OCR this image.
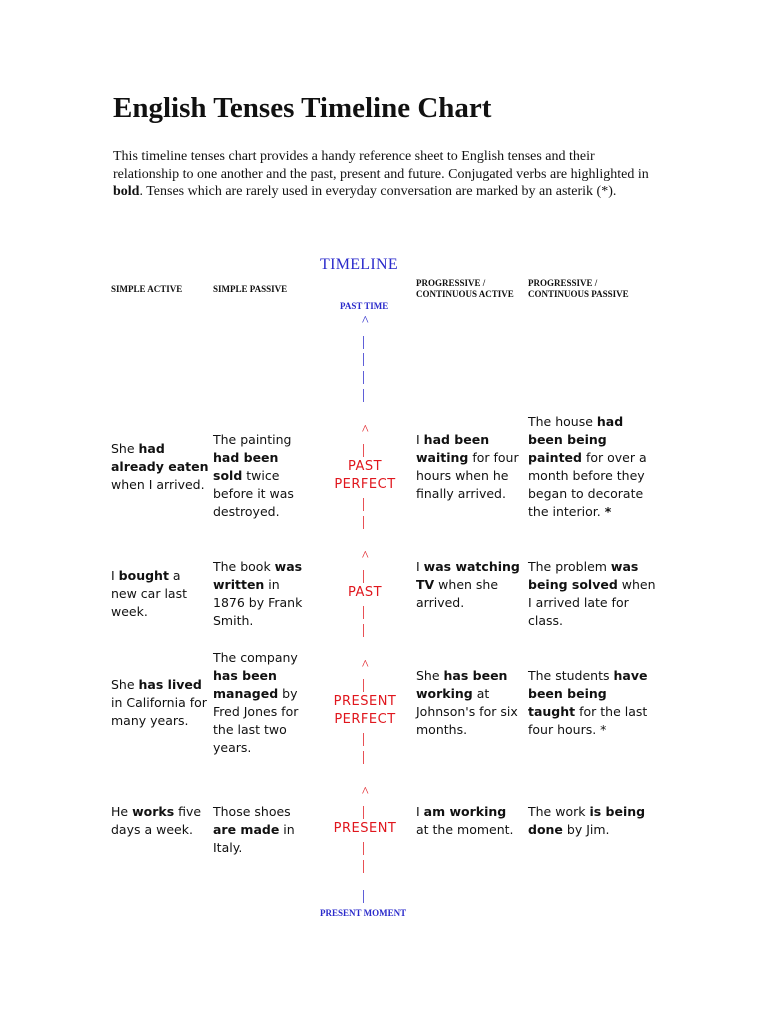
English Tenses Timeline Chart

This timeline tenses chart provides a handy reference sheet to English tenses and their relationship to one another and the past, present and future. Conjugated verbs are highlighted in bold. Tenses which are rarely used in everyday conversation are marked by an asterik (*).

TIMELINE
SIMPLE ACTIVE	SIMPLE PASSIVE
PROGRESSIVE / CONTINUOUS ACTIVE
PROGRESSIVE / CONTINUOUS PASSIVE
PAST TIME
^
|
|
|
|
^
|
PAST
PERFECT
|
|
She had already eaten when I arrived.
The painting had been sold twice before it was destroyed.
I had been waiting for four hours when he finally arrived.
The house had been being painted for over a month before they began to decorate the interior. *
^
|
PAST
|
|
I bought a new car last week.
The book was written in 1876 by Frank Smith.
I was watching TV when she arrived.
The problem was being solved when I arrived late for class.
^
|
PRESENT
PERFECT
|
|
She has lived in California for many years.
The company has been managed by Fred Jones for the last two years.
She has been working at Johnson's for six months.
The students have been being taught for the last four hours. *
^
|
PRESENT
|
|
He works five days a week.
Those shoes are made in Italy.
I am working at the moment.
The work is being done by Jim.
|
PRESENT MOMENT
